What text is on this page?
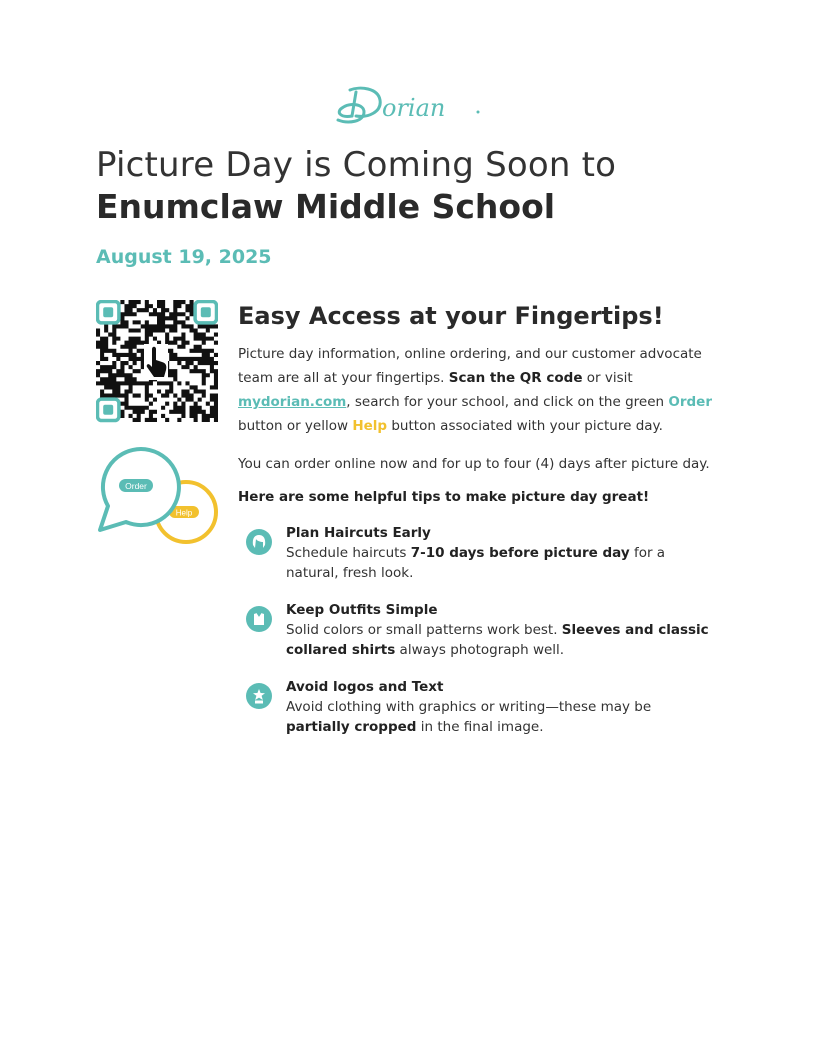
orian
Picture Day is Coming Soon to
Enumclaw Middle School
August 19, 2025
Help
Order
Easy Access at your Fingertips!

Picture day information, online ordering, and our customer advocate team are all at your fingertips. Scan the QR code or visit mydorian.com, search for your school, and click on the green Order button or yellow Help button associated with your picture day.

You can order online now and for up to four (4) days after picture day.

Here are some helpful tips to make picture day great!
Plan Haircuts Early
Schedule haircuts 7-10 days before picture day for a natural, fresh look.
Keep Outfits Simple
Solid colors or small patterns work best. Sleeves and classic collared shirts always photograph well.
Avoid logos and Text
Avoid clothing with graphics or writing—these may be partially cropped in the final image.
